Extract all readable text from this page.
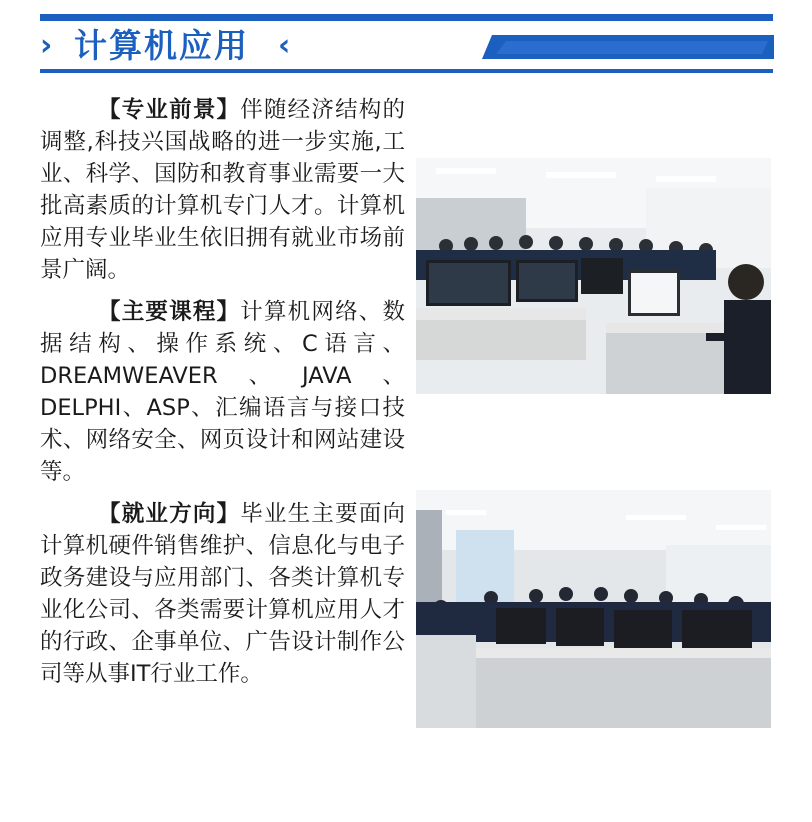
› 计算机应用 ‹

【专业前景】伴随经济结构的调整,科技兴国战略的进一步实施,工业、科学、国防和教育事业需要一大批高素质的计算机专门人才。计算机应用专业毕业生依旧拥有就业市场前景广阔。

【主要课程】计算机网络、数据结构、操作系统、C语言、DREAMWEAVER、JAVA、DELPHI、ASP、汇编语言与接口技术、网络安全、网页设计和网站建设等。

【就业方向】毕业生主要面向计算机硬件销售维护、信息化与电子政务建设与应用部门、各类计算机专业化公司、各类需要计算机应用人才的行政、企事单位、广告设计制作公司等从事IT行业工作。
